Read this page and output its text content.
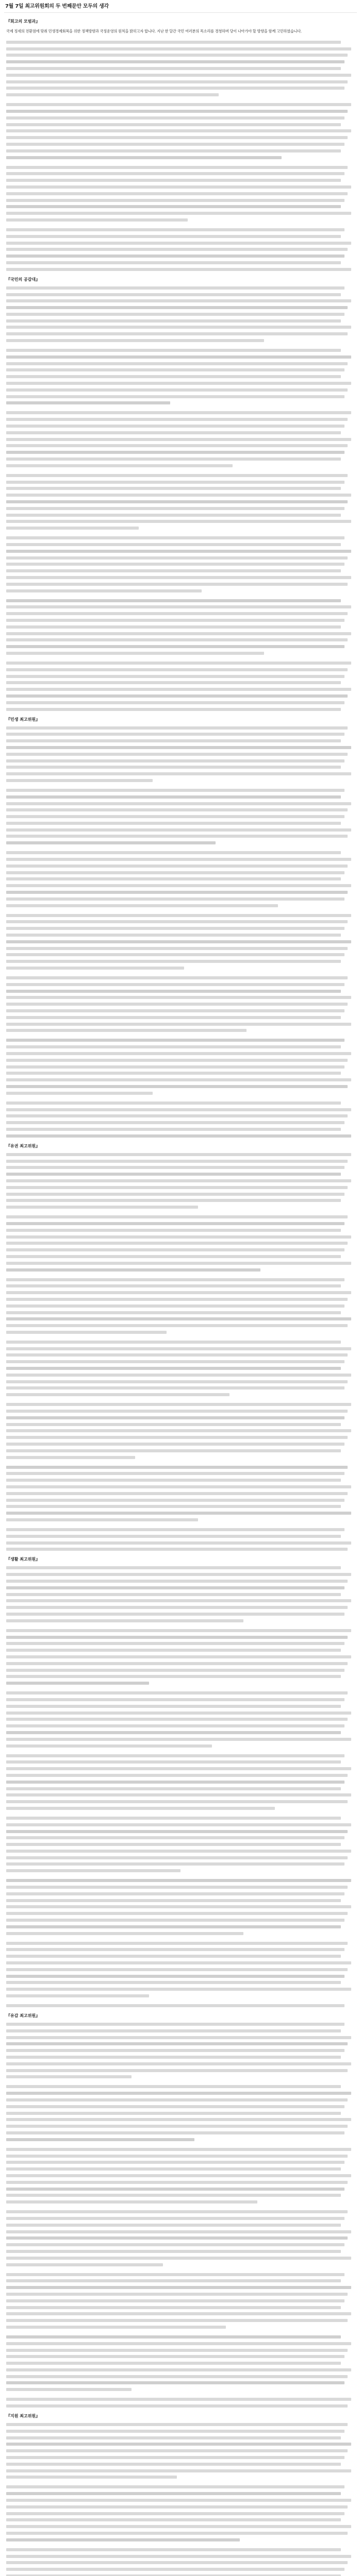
7월 7일 최고위원회의 두 번째문안 모두의 생각
『회고의 모범과』
국제 정세의 전환점에 맞춰 민생경제회복을 위한 정책방향과 국정운영의 원칙을 밝히고자 합니다. 지난 한 달간 국민 여러분의 목소리를 경청하며 당이 나아가야 할 방향을 함께 고민하였습니다.
『국민의 공감대』
『민생 최고위원』
『유권 최고위원』
『생활 최고위원』
『유감 최고위원』
『지원 최고위원』
